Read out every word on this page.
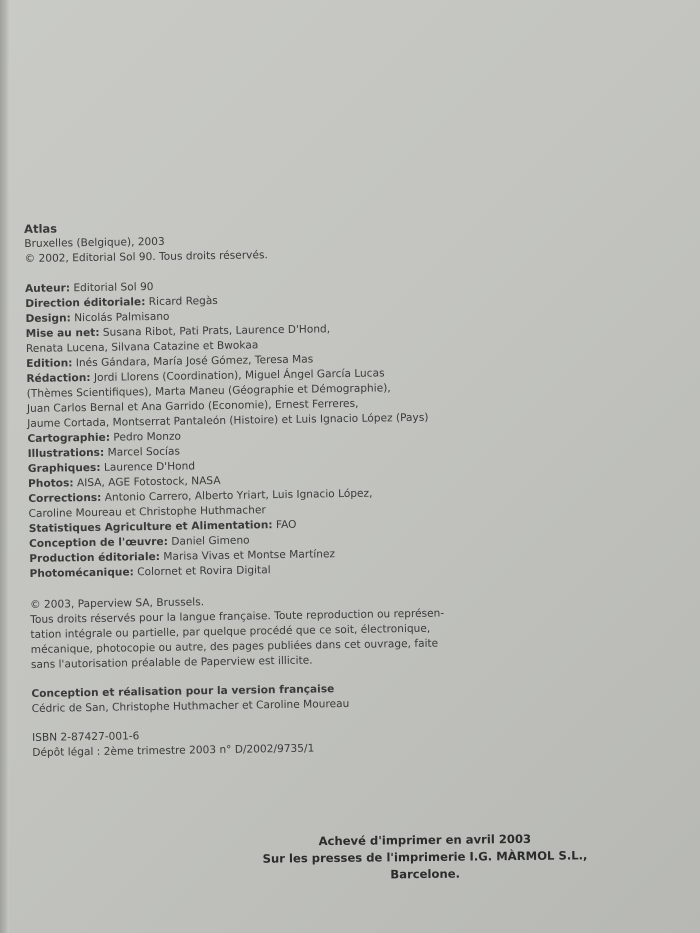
Atlas
Bruxelles (Belgique), 2003
© 2002, Editorial Sol 90. Tous droits réservés.
Auteur: Editorial Sol 90
Direction éditoriale: Ricard Regàs
Design: Nicolás Palmisano
Mise au net: Susana Ribot, Pati Prats, Laurence D'Hond,
Renata Lucena, Silvana Catazine et Bwokaa
Edition: Inés Gándara, María José Gómez, Teresa Mas
Rédaction: Jordi Llorens (Coordination), Miguel Ángel García Lucas
(Thèmes Scientifiques), Marta Maneu (Géographie et Démographie),
Juan Carlos Bernal et Ana Garrido (Economie), Ernest Ferreres,
Jaume Cortada, Montserrat Pantaleón (Histoire) et Luis Ignacio López (Pays)
Cartographie: Pedro Monzo
Illustrations: Marcel Socías
Graphiques: Laurence D'Hond
Photos: AISA, AGE Fotostock, NASA
Corrections: Antonio Carrero, Alberto Yriart, Luis Ignacio López,
Caroline Moureau et Christophe Huthmacher
Statistiques Agriculture et Alimentation: FAO
Conception de l'œuvre: Daniel Gimeno
Production éditoriale: Marisa Vivas et Montse Martínez
Photomécanique: Colornet et Rovira Digital
© 2003, Paperview SA, Brussels.
Tous droits réservés pour la langue française. Toute reproduction ou représen-
tation intégrale ou partielle, par quelque procédé que ce soit, électronique,
mécanique, photocopie ou autre, des pages publiées dans cet ouvrage, faite
sans l'autorisation préalable de Paperview est illicite.
Conception et réalisation pour la version française
Cédric de San, Christophe Huthmacher et Caroline Moureau
ISBN 2-87427-001-6
Dépôt légal : 2ème trimestre 2003 n° D/2002/9735/1
Achevé d'imprimer en avril 2003
Sur les presses de l'imprimerie I.G. MÀRMOL S.L.,
Barcelone.
